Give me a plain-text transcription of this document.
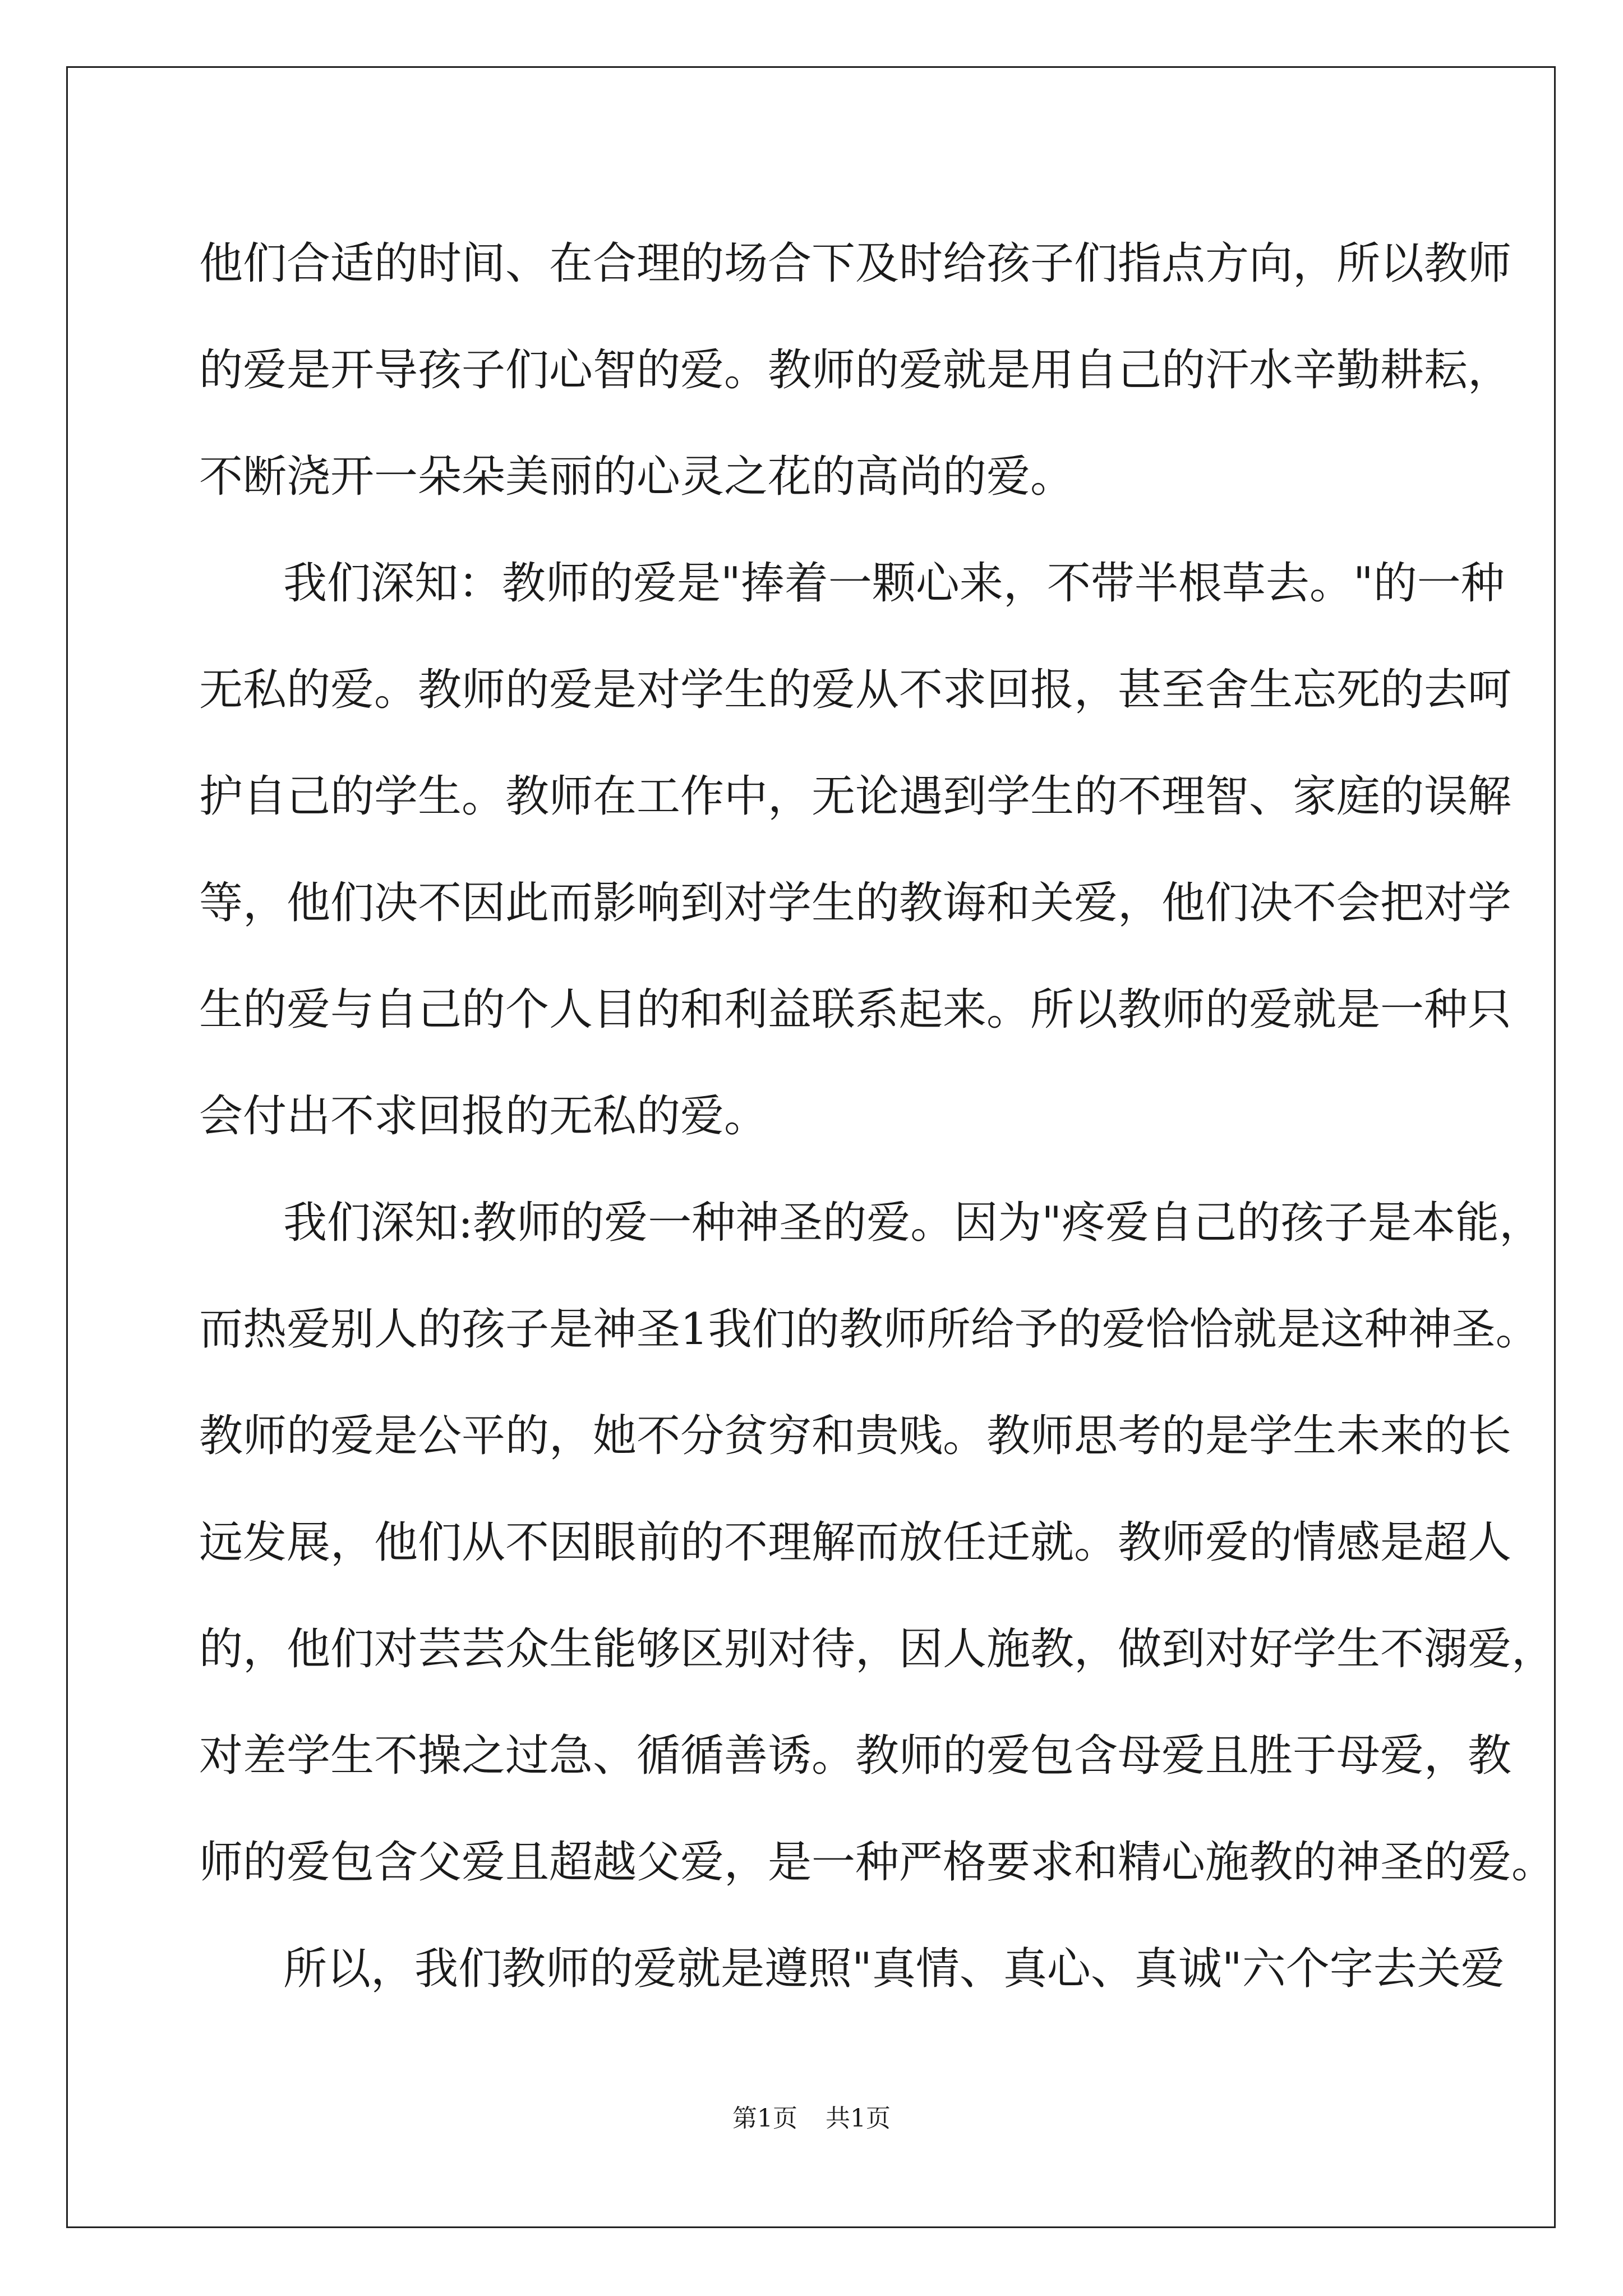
他们合适的时间、在合理的场合下及时给孩子们指点方向，所以教师
的爱是开导孩子们心智的爱。教师的爱就是用自己的汗水辛勤耕耘，
不断浇开一朵朵美丽的心灵之花的高尚的爱。
我们深知：教师的爱是"捧着一颗心来，不带半根草去。"的一种
无私的爱。教师的爱是对学生的爱从不求回报，甚至舍生忘死的去呵
护自己的学生。教师在工作中，无论遇到学生的不理智、家庭的误解
等，他们决不因此而影响到对学生的教诲和关爱，他们决不会把对学
生的爱与自己的个人目的和利益联系起来。所以教师的爱就是一种只
会付出不求回报的无私的爱。
我们深知:教师的爱一种神圣的爱。因为"疼爱自己的孩子是本能，
而热爱别人的孩子是神圣1我们的教师所给予的爱恰恰就是这种神圣。
教师的爱是公平的，她不分贫穷和贵贱。教师思考的是学生未来的长
远发展，他们从不因眼前的不理解而放任迁就。教师爱的情感是超人
的，他们对芸芸众生能够区别对待，因人施教，做到对好学生不溺爱，
对差学生不操之过急、循循善诱。教师的爱包含母爱且胜于母爱，教
师的爱包含父爱且超越父爱，是一种严格要求和精心施教的神圣的爱。
所以，我们教师的爱就是遵照"真情、真心、真诚"六个字去关爱
第1页 共1页
